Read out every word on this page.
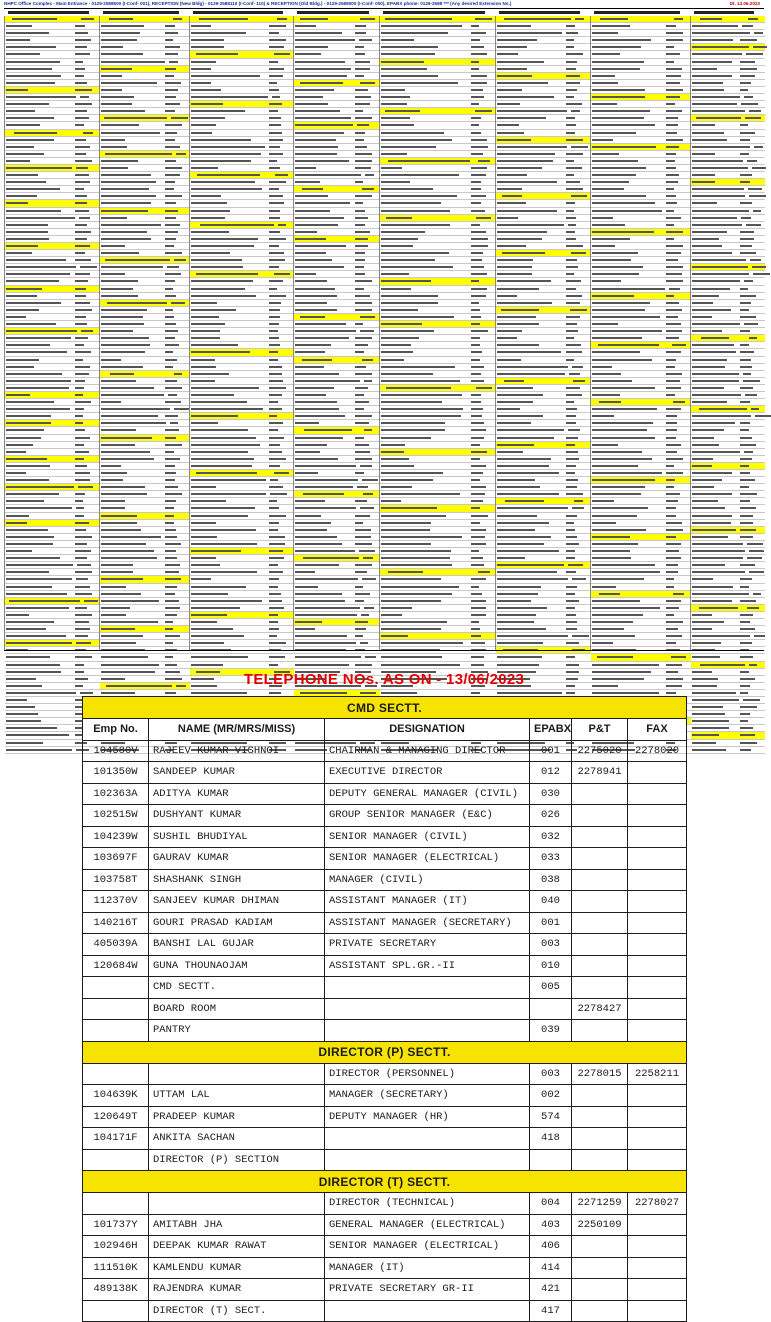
NHPC Office Complex - Main Entrance - 0129-2588500 (I-Conf- 001), RECEPTION (New Bldg) - 0129-2588110 (I-Conf- 110) & RECEPTION (Old Bldg.) - 0129-2588000 (I-Conf- 000), EPABX phone: 0129-2588 *** (Any desired Extension No.)	Dt. 13.06.2023
TELEPHONE NOs. AS ON - 13/06/2023
CMD SECTT.					
Emp No.	NAME (MR/MRS/MISS)	DESIGNATION	EPABX	P&T	FAX
104580V	RAJEEV KUMAR VISHNOI	CHAIRMAN & MANAGING DIRECTOR	001	2275020	2278020
101350W	SANDEEP KUMAR	EXECUTIVE DIRECTOR	012	2278941	
102363A	ADITYA KUMAR	DEPUTY GENERAL MANAGER (CIVIL)	030		
102515W	DUSHYANT KUMAR	GROUP SENIOR MANAGER (E&C)	026		
104239W	SUSHIL BHUDIYAL	SENIOR MANAGER (CIVIL)	032		
103697F	GAURAV KUMAR	SENIOR MANAGER (ELECTRICAL)	033		
103758T	SHASHANK SINGH	MANAGER (CIVIL)	038		
112370V	SANJEEV KUMAR DHIMAN	ASSISTANT MANAGER (IT)	040		
140216T	GOURI PRASAD KADIAM	ASSISTANT MANAGER (SECRETARY)	001		
405039A	BANSHI LAL GUJAR	PRIVATE SECRETARY	003		
120684W	GUNA THOUNAOJAM	ASSISTANT SPL.GR.-II	010		
	CMD SECTT.		005		
	BOARD ROOM			2278427	
	PANTRY		039		
DIRECTOR (P) SECTT.					
		DIRECTOR (PERSONNEL)	003	2278015	2258211
104639K	UTTAM LAL	MANAGER (SECRETARY)	002		
120649T	PRADEEP KUMAR	DEPUTY MANAGER (HR)	574		
104171F	ANKITA SACHAN		418		
	DIRECTOR (P) SECTION				
DIRECTOR (T) SECTT.					
		DIRECTOR (TECHNICAL)	004	2271259	2278027
101737Y	AMITABH JHA	GENERAL MANAGER (ELECTRICAL)	403	2250109	
102946H	DEEPAK KUMAR RAWAT	SENIOR MANAGER (ELECTRICAL)	406		
111510K	KAMLENDU KUMAR	MANAGER (IT)	414		
489138K	RAJENDRA KUMAR	PRIVATE SECRETARY GR-II	421		
	DIRECTOR (T) SECT.		417		
